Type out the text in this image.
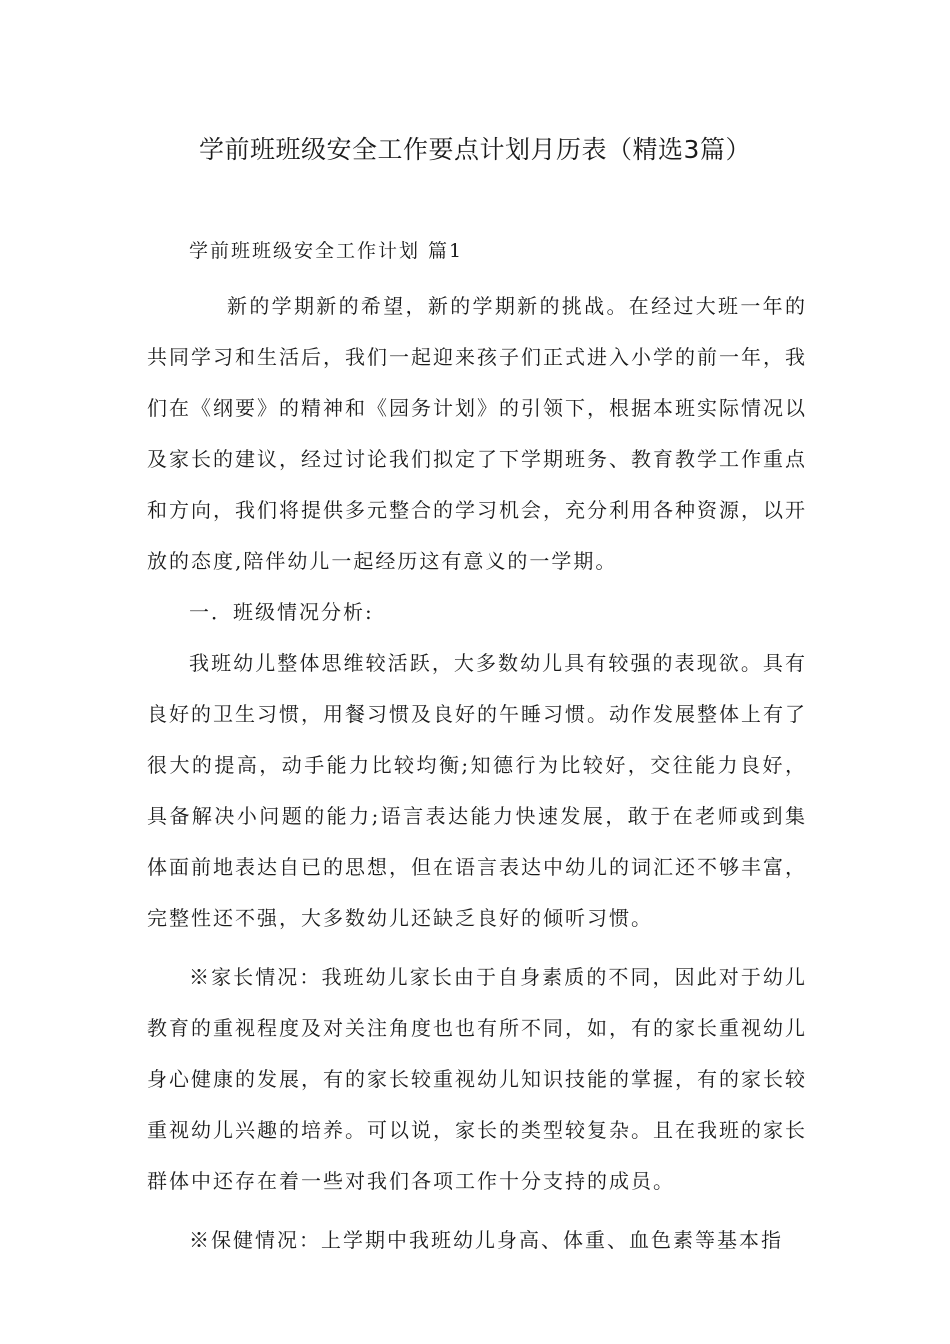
学前班班级安全工作要点计划月历表（精选3篇）
学前班班级安全工作计划 篇1

新的学期新的希望，新的学期新的挑战。在经过大班一年的共同学习和生活后，我们一起迎来孩子们正式进入小学的前一年，我们在《纲要》的精神和《园务计划》的引领下，根据本班实际情况以及家长的建议，经过讨论我们拟定了下学期班务、教育教学工作重点和方向，我们将提供多元整合的学习机会，充分利用各种资源，以开放的态度,陪伴幼儿一起经历这有意义的一学期。

一．班级情况分析:

我班幼儿整体思维较活跃，大多数幼儿具有较强的表现欲。具有良好的卫生习惯，用餐习惯及良好的午睡习惯。动作发展整体上有了很大的提高，动手能力比较均衡;知德行为比较好，交往能力良好，具备解决小问题的能力;语言表达能力快速发展，敢于在老师或到集体面前地表达自已的思想，但在语言表达中幼儿的词汇还不够丰富，完整性还不强，大多数幼儿还缺乏良好的倾听习惯。

※家长情况：我班幼儿家长由于自身素质的不同，因此对于幼儿教育的重视程度及对关注角度也也有所不同，如，有的家长重视幼儿身心健康的发展，有的家长较重视幼儿知识技能的掌握，有的家长较重视幼儿兴趣的培养。可以说，家长的类型较复杂。且在我班的家长群体中还存在着一些对我们各项工作十分支持的成员。

※保健情况：上学期中我班幼儿身高、体重、血色素等基本指
